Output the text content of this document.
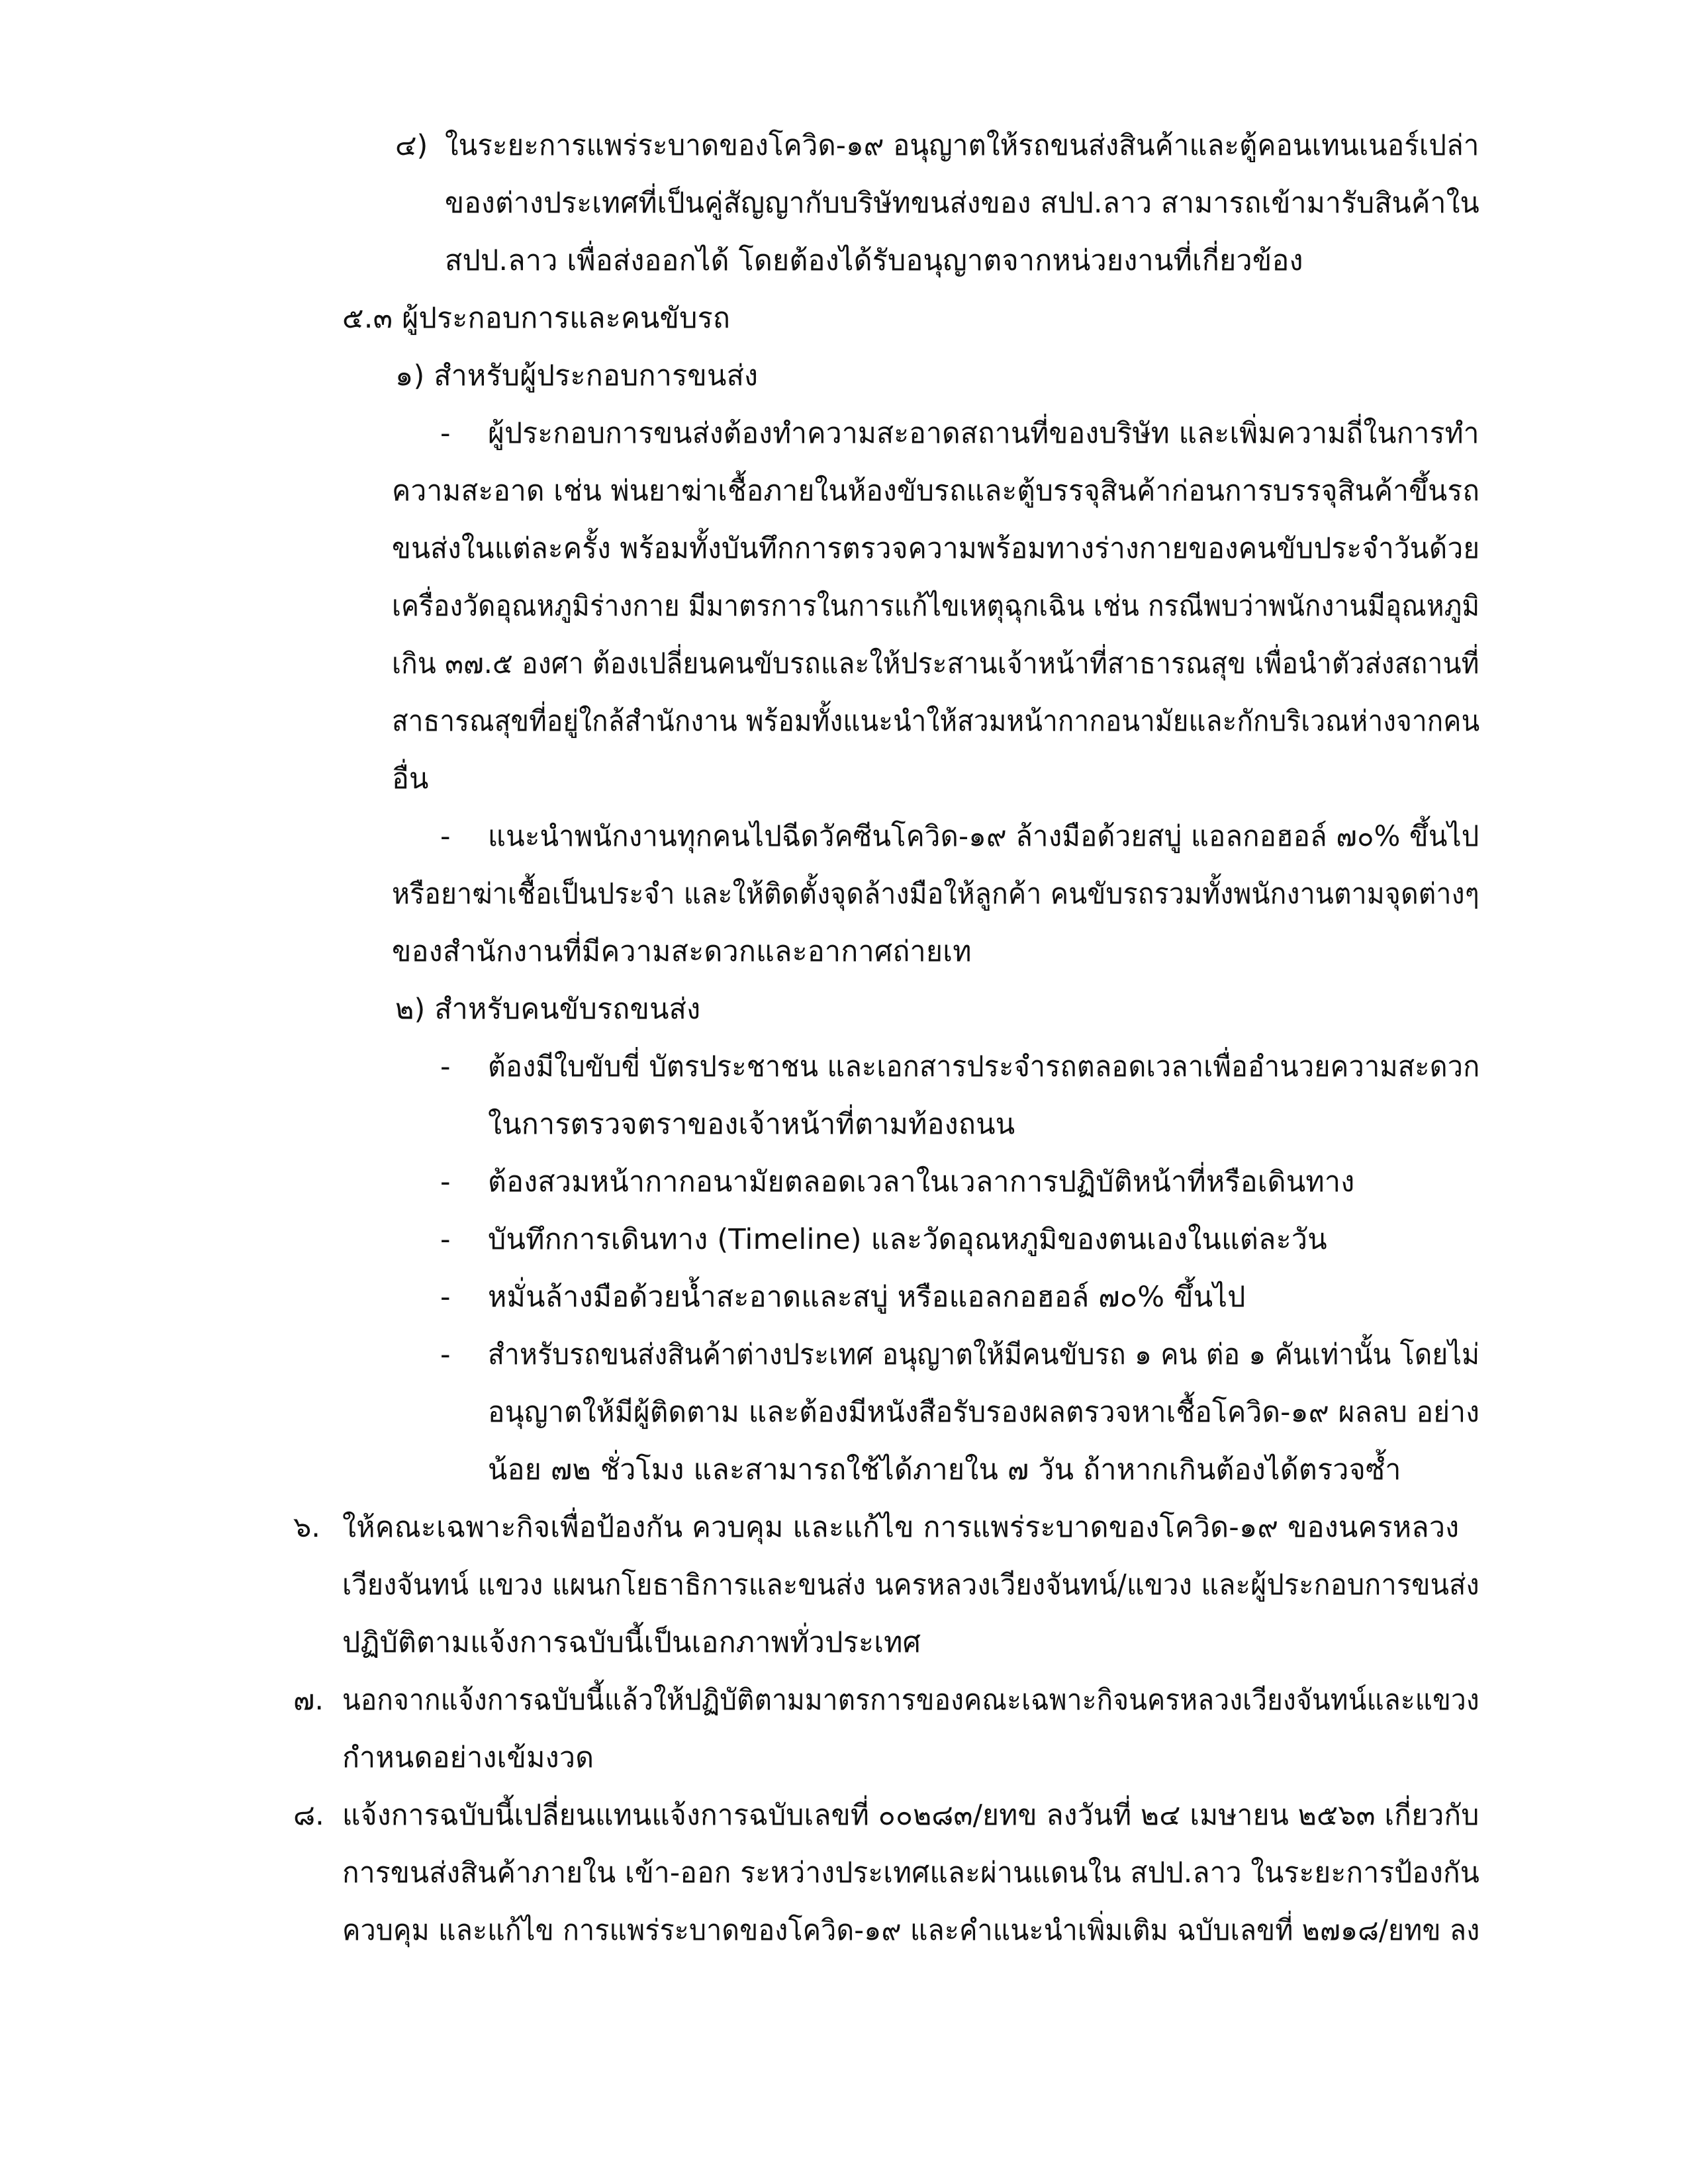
๔) ในระยะการแพร่ระบาดของโควิด-๑๙ อนุญาตให้รถขนส่งสินค้าและตู้คอนเทนเนอร์เปล่า
ของต่างประเทศที่เป็นคู่สัญญากับบริษัทขนส่งของ สปป.ลาว สามารถเข้ามารับสินค้าใน
สปป.ลาว เพื่อส่งออกได้ โดยต้องได้รับอนุญาตจากหน่วยงานที่เกี่ยวข้อง
๕.๓ ผู้ประกอบการและคนขับรถ
๑) สำหรับผู้ประกอบการขนส่ง
- ผู้ประกอบการขนส่งต้องทำความสะอาดสถานที่ของบริษัท และเพิ่มความถี่ในการทำ
ความสะอาด เช่น พ่นยาฆ่าเชื้อภายในห้องขับรถและตู้บรรจุสินค้าก่อนการบรรจุสินค้าขึ้นรถ
ขนส่งในแต่ละครั้ง พร้อมทั้งบันทึกการตรวจความพร้อมทางร่างกายของคนขับประจำวันด้วย
เครื่องวัดอุณหภูมิร่างกาย มีมาตรการในการแก้ไขเหตุฉุกเฉิน เช่น กรณีพบว่าพนักงานมีอุณหภูมิ
เกิน ๓๗.๕ องศา ต้องเปลี่ยนคนขับรถและให้ประสานเจ้าหน้าที่สาธารณสุข เพื่อนำตัวส่งสถานที่
สาธารณสุขที่อยู่ใกล้สำนักงาน พร้อมทั้งแนะนำให้สวมหน้ากากอนามัยและกักบริเวณห่างจากคน
อื่น
- แนะนำพนักงานทุกคนไปฉีดวัคซีนโควิด-๑๙ ล้างมือด้วยสบู่ แอลกอฮอล์ ๗๐% ขึ้นไป
หรือยาฆ่าเชื้อเป็นประจำ และให้ติดตั้งจุดล้างมือให้ลูกค้า คนขับรถรวมทั้งพนักงานตามจุดต่างๆ
ของสำนักงานที่มีความสะดวกและอากาศถ่ายเท
๒) สำหรับคนขับรถขนส่ง
- ต้องมีใบขับขี่ บัตรประชาชน และเอกสารประจำรถตลอดเวลาเพื่ออำนวยความสะดวก
ในการตรวจตราของเจ้าหน้าที่ตามท้องถนน
- ต้องสวมหน้ากากอนามัยตลอดเวลาในเวลาการปฏิบัติหน้าที่หรือเดินทาง
- บันทึกการเดินทาง (Timeline) และวัดอุณหภูมิของตนเองในแต่ละวัน
- หมั่นล้างมือด้วยน้ำสะอาดและสบู่ หรือแอลกอฮอล์ ๗๐% ขึ้นไป
- สำหรับรถขนส่งสินค้าต่างประเทศ อนุญาตให้มีคนขับรถ ๑ คน ต่อ ๑ คันเท่านั้น โดยไม่
อนุญาตให้มีผู้ติดตาม และต้องมีหนังสือรับรองผลตรวจหาเชื้อโควิด-๑๙ ผลลบ อย่าง
น้อย ๗๒ ชั่วโมง และสามารถใช้ได้ภายใน ๗ วัน ถ้าหากเกินต้องได้ตรวจซ้ำ
๖. ให้คณะเฉพาะกิจเพื่อป้องกัน ควบคุม และแก้ไข การแพร่ระบาดของโควิด-๑๙ ของนครหลวง
เวียงจันทน์ แขวง แผนกโยธาธิการและขนส่ง นครหลวงเวียงจันทน์/แขวง และผู้ประกอบการขนส่ง
ปฏิบัติตามแจ้งการฉบับนี้เป็นเอกภาพทั่วประเทศ
๗. นอกจากแจ้งการฉบับนี้แล้วให้ปฏิบัติตามมาตรการของคณะเฉพาะกิจนครหลวงเวียงจันทน์และแขวง
กำหนดอย่างเข้มงวด
๘. แจ้งการฉบับนี้เปลี่ยนแทนแจ้งการฉบับเลขที่ ๐๐๒๘๓/ยทข ลงวันที่ ๒๔ เมษายน ๒๕๖๓ เกี่ยวกับ
การขนส่งสินค้าภายใน เข้า-ออก ระหว่างประเทศและผ่านแดนใน สปป.ลาว ในระยะการป้องกัน
ควบคุม และแก้ไข การแพร่ระบาดของโควิด-๑๙ และคำแนะนำเพิ่มเติม ฉบับเลขที่ ๒๗๑๘/ยทข ลง
